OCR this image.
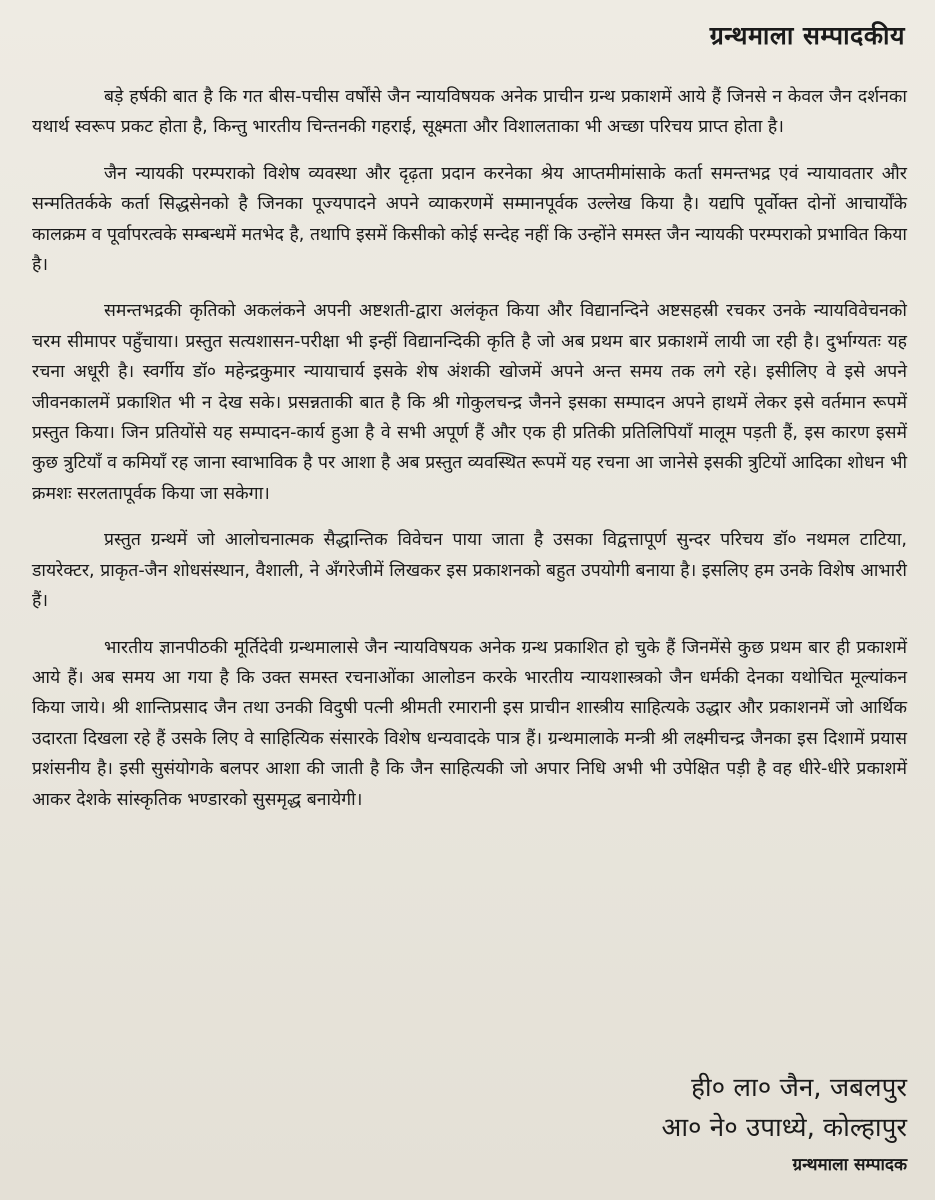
ग्रन्थमाला सम्पादकीय

बड़े हर्षकी बात है कि गत बीस-पचीस वर्षोंसे जैन न्यायविषयक अनेक प्राचीन ग्रन्थ प्रकाशमें आये हैं जिनसे न केवल जैन दर्शनका यथार्थ स्वरूप प्रकट होता है, किन्तु भारतीय चिन्तनकी गहराई, सूक्ष्मता और विशालताका भी अच्छा परिचय प्राप्त होता है।

जैन न्यायकी परम्पराको विशेष व्यवस्था और दृढ़ता प्रदान करनेका श्रेय आप्तमीमांसाके कर्ता समन्तभद्र एवं न्यायावतार और सन्मतितर्कके कर्ता सिद्धसेनको है जिनका पूज्यपादने अपने व्याकरणमें सम्मानपूर्वक उल्लेख किया है। यद्यपि पूर्वोक्त दोनों आचार्योंके कालक्रम व पूर्वापरत्वके सम्बन्धमें मतभेद है, तथापि इसमें किसीको कोई सन्देह नहीं कि उन्होंने समस्त जैन न्यायकी परम्पराको प्रभावित किया है।

समन्तभद्रकी कृतिको अकलंकने अपनी अष्टशती-द्वारा अलंकृत किया और विद्यानन्दिने अष्टसहस्री रचकर उनके न्यायविवेचनको चरम सीमापर पहुँचाया। प्रस्तुत सत्यशासन-परीक्षा भी इन्हीं विद्यानन्दिकी कृति है जो अब प्रथम बार प्रकाशमें लायी जा रही है। दुर्भाग्यतः यह रचना अधूरी है। स्वर्गीय डॉ० महेन्द्रकुमार न्यायाचार्य इसके शेष अंशकी खोजमें अपने अन्त समय तक लगे रहे। इसीलिए वे इसे अपने जीवनकालमें प्रकाशित भी न देख सके। प्रसन्नताकी बात है कि श्री गोकुलचन्द्र जैनने इसका सम्पादन अपने हाथमें लेकर इसे वर्तमान रूपमें प्रस्तुत किया। जिन प्रतियोंसे यह सम्पादन-कार्य हुआ है वे सभी अपूर्ण हैं और एक ही प्रतिकी प्रतिलिपियाँ मालूम पड़ती हैं, इस कारण इसमें कुछ त्रुटियाँ व कमियाँ रह जाना स्वाभाविक है पर आशा है अब प्रस्तुत व्यवस्थित रूपमें यह रचना आ जानेसे इसकी त्रुटियों आदिका शोधन भी क्रमशः सरलतापूर्वक किया जा सकेगा।

प्रस्तुत ग्रन्थमें जो आलोचनात्मक सैद्धान्तिक विवेचन पाया जाता है उसका विद्वत्तापूर्ण सुन्दर परिचय डॉ० नथमल टाटिया, डायरेक्टर, प्राकृत-जैन शोधसंस्थान, वैशाली, ने अँगरेजीमें लिखकर इस प्रकाशनको बहुत उपयोगी बनाया है। इसलिए हम उनके विशेष आभारी हैं।

भारतीय ज्ञानपीठकी मूर्तिदेवी ग्रन्थमालासे जैन न्यायविषयक अनेक ग्रन्थ प्रकाशित हो चुके हैं जिनमेंसे कुछ प्रथम बार ही प्रकाशमें आये हैं। अब समय आ गया है कि उक्त समस्त रचनाओंका आलोडन करके भारतीय न्यायशास्त्रको जैन धर्मकी देनका यथोचित मूल्यांकन किया जाये। श्री शान्तिप्रसाद जैन तथा उनकी विदुषी पत्नी श्रीमती रमारानी इस प्राचीन शास्त्रीय साहित्यके उद्धार और प्रकाशनमें जो आर्थिक उदारता दिखला रहे हैं उसके लिए वे साहित्यिक संसारके विशेष धन्यवादके पात्र हैं। ग्रन्थमालाके मन्त्री श्री लक्ष्मीचन्द्र जैनका इस दिशामें प्रयास प्रशंसनीय है। इसी सुसंयोगके बलपर आशा की जाती है कि जैन साहित्यकी जो अपार निधि अभी भी उपेक्षित पड़ी है वह धीरे-धीरे प्रकाशमें आकर देशके सांस्कृतिक भण्डारको सुसमृद्ध बनायेगी।

ही० ला० जैन, जबलपुर
आ० ने० उपाध्ये, कोल्हापुर
ग्रन्थमाला सम्पादक
